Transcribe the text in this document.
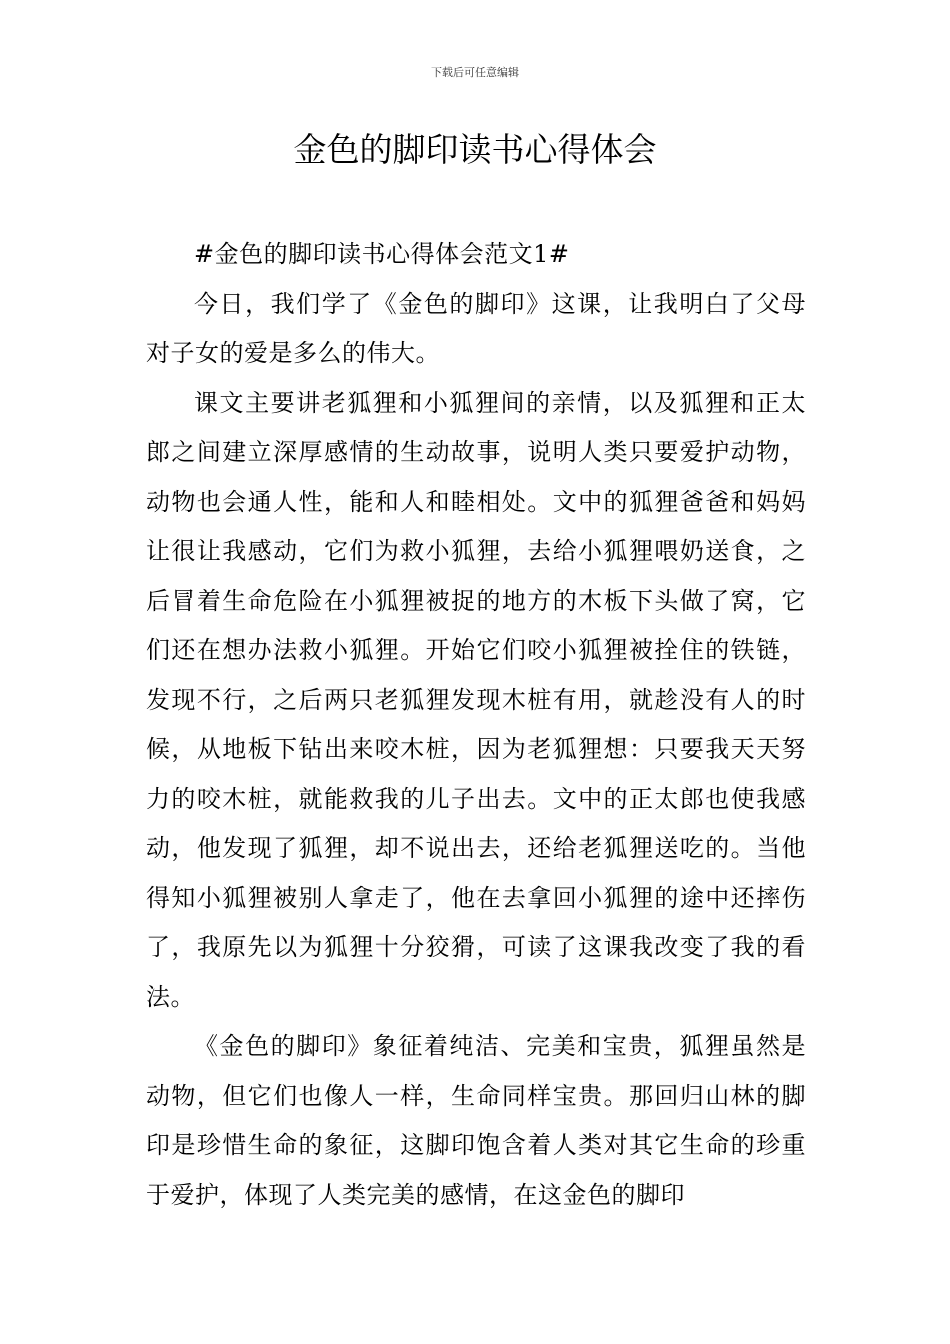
下载后可任意编辑
金色的脚印读书心得体会

#金色的脚印读书心得体会范文1#

今日，我们学了《金色的脚印》这课，让我明白了父母对子女的爱是多么的伟大。

课文主要讲老狐狸和小狐狸间的亲情，以及狐狸和正太郎之间建立深厚感情的生动故事，说明人类只要爱护动物，动物也会通人性，能和人和睦相处。文中的狐狸爸爸和妈妈让很让我感动，它们为救小狐狸，去给小狐狸喂奶送食，之后冒着生命危险在小狐狸被捉的地方的木板下头做了窝，它们还在想办法救小狐狸。开始它们咬小狐狸被拴住的铁链，发现不行，之后两只老狐狸发现木桩有用，就趁没有人的时候，从地板下钻出来咬木桩，因为老狐狸想：只要我天天努力的咬木桩，就能救我的儿子出去。文中的正太郎也使我感动，他发现了狐狸，却不说出去，还给老狐狸送吃的。当他得知小狐狸被别人拿走了，他在去拿回小狐狸的途中还摔伤了，我原先以为狐狸十分狡猾，可读了这课我改变了我的看法。

《金色的脚印》象征着纯洁、完美和宝贵，狐狸虽然是动物，但它们也像人一样，生命同样宝贵。那回归山林的脚印是珍惜生命的象征，这脚印饱含着人类对其它生命的珍重于爱护，体现了人类完美的感情，在这金色的脚印
